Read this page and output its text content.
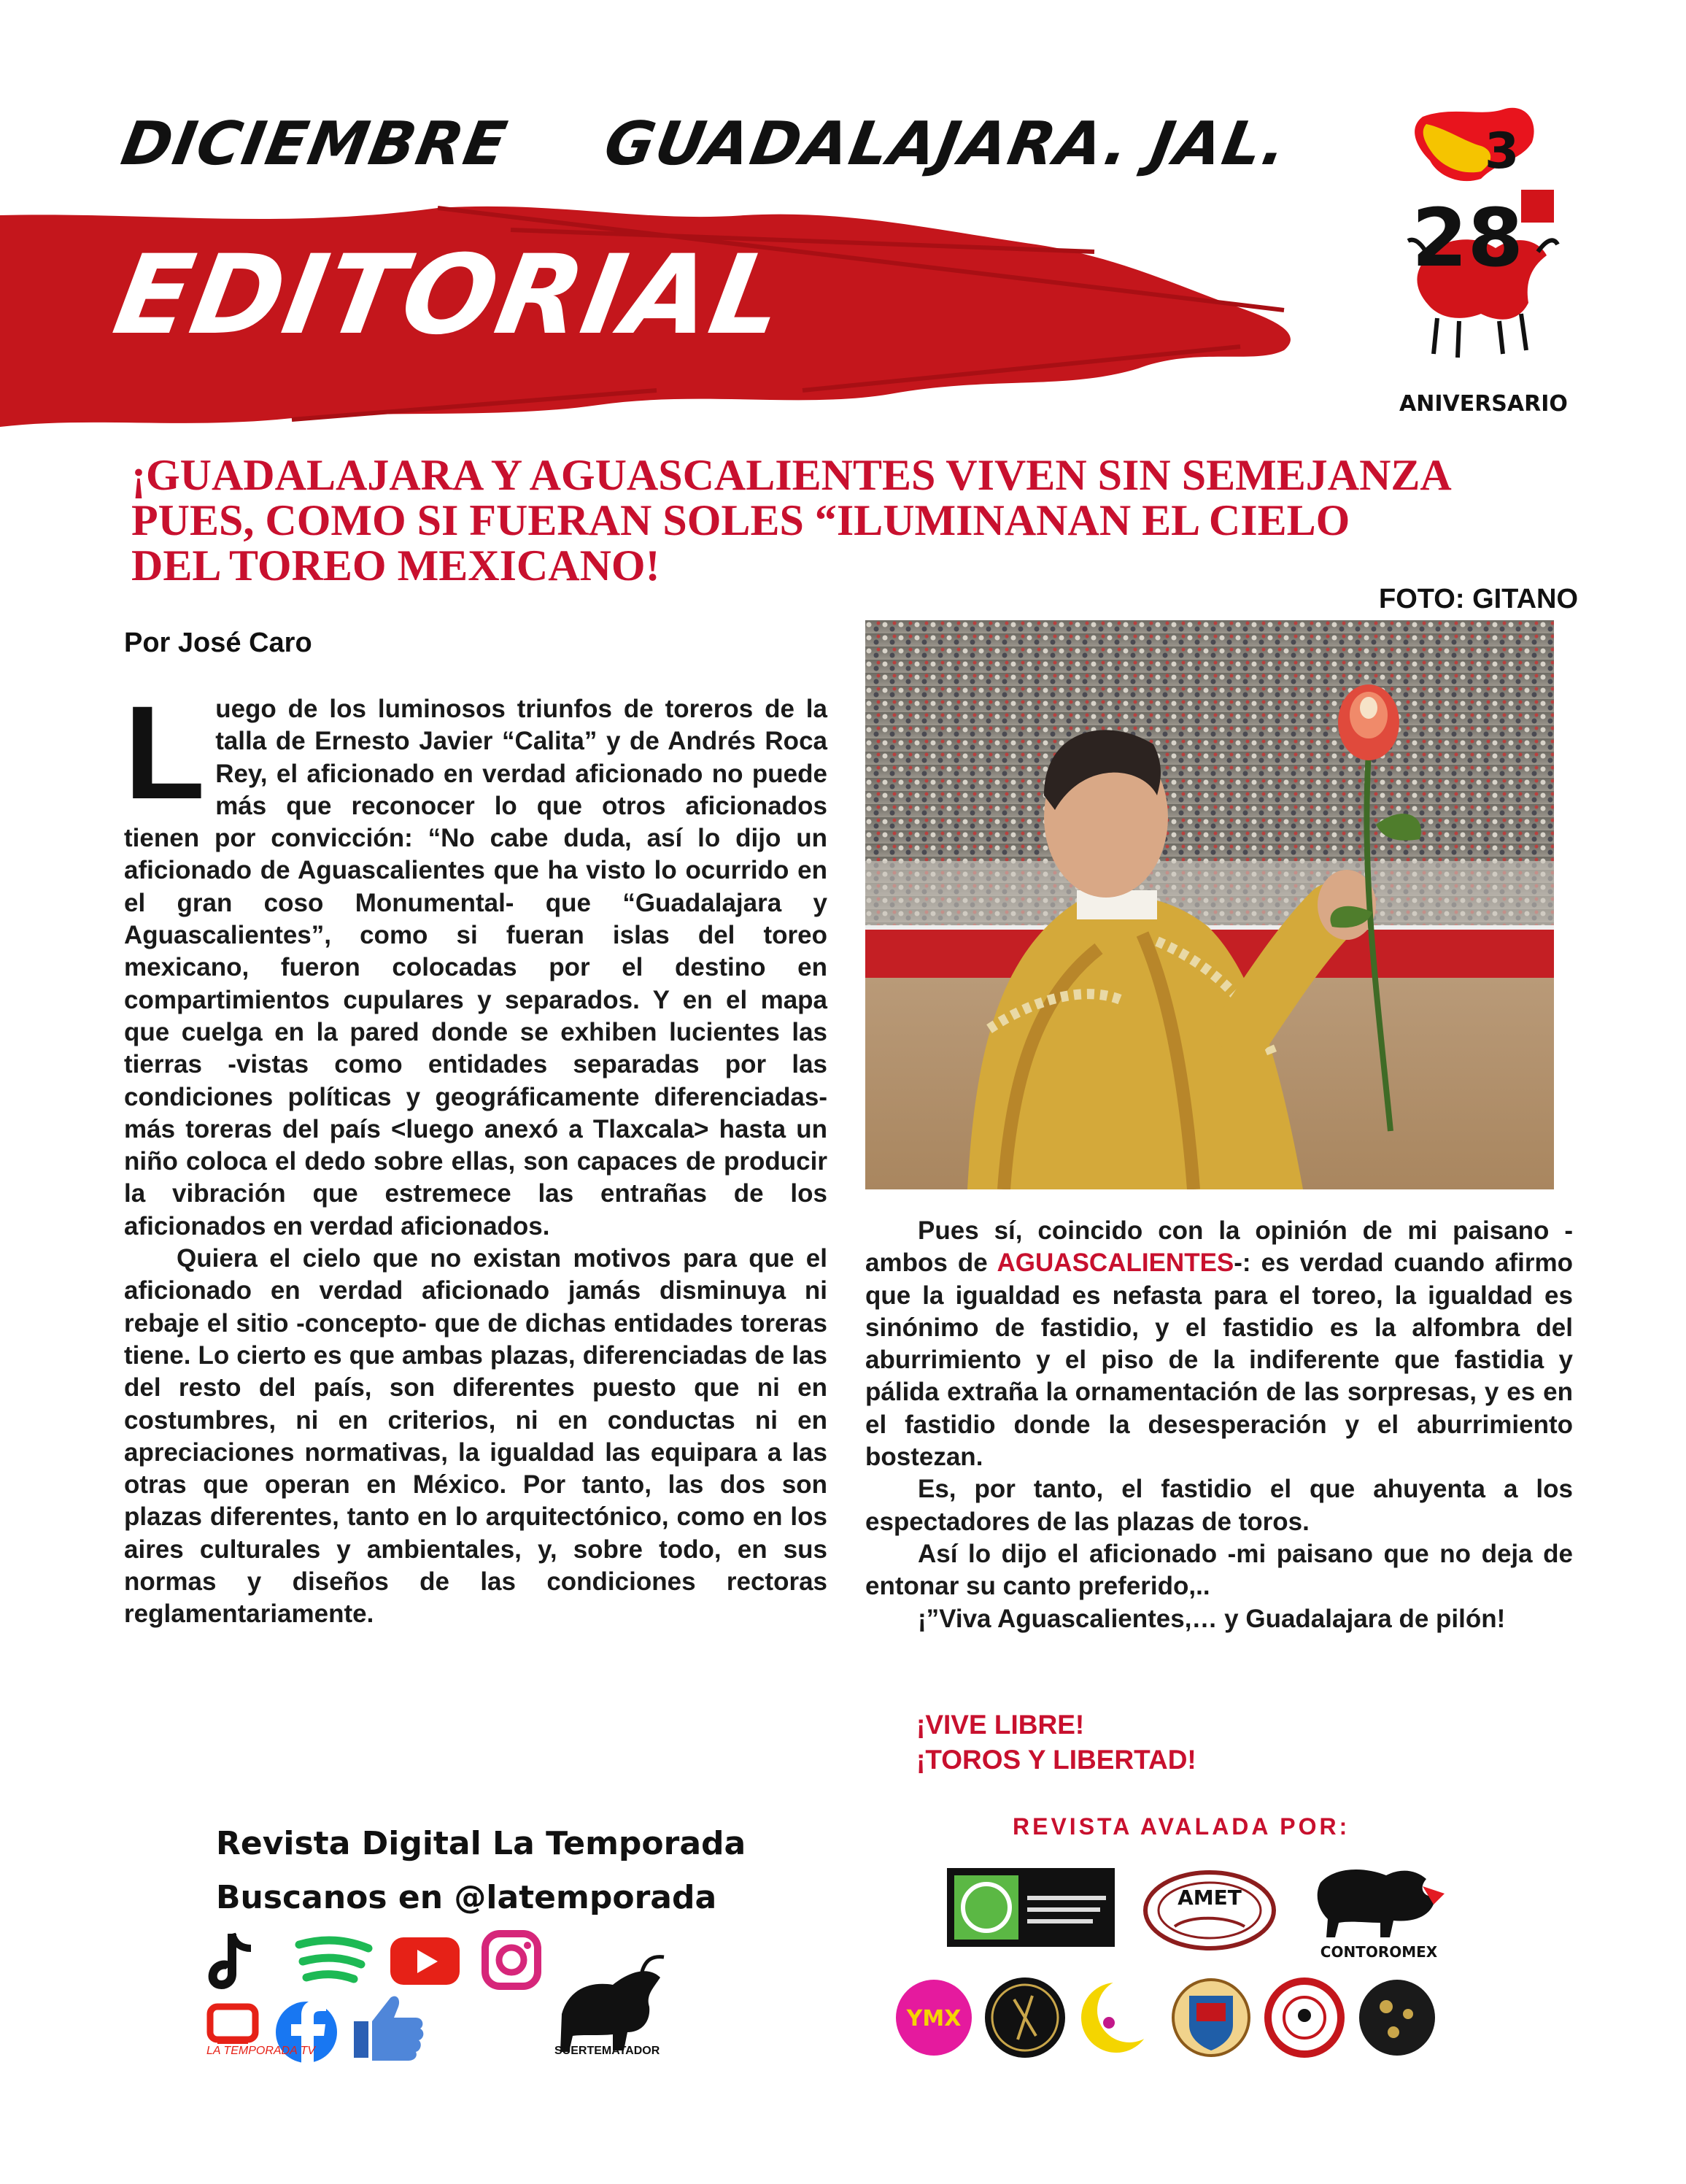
DICIEMBRE GUADALAJARA. JAL.
EDITORIAL
3
28
ANIVERSARIO
¡GUADALAJARA Y AGUASCALIENTES VIVEN SIN SEMEJANZA
PUES, COMO SI FUERAN SOLES “ILUMINANAN EL CIELO
DEL TOREO MEXICANO!
FOTO: GITANO
Por José Caro
L uego de los luminosos triunfos de toreros de la talla de Ernesto Javier “Calita” y de Andrés Roca Rey, el aficionado en verdad aficionado no puede más que reconocer lo que otros aficionados tienen por convicción: “No cabe duda, así lo dijo un aficionado de Aguascalientes que ha visto lo ocurrido en el gran coso Monumental- que “Guadalajara y Aguascalientes”, como si fueran islas del toreo mexicano, fueron colocadas por el destino en compartimientos cupulares y separados. Y en el mapa que cuelga en la pared donde se exhiben lucientes las tierras -vistas como entidades separadas por las condiciones políticas y geográficamente diferenciadas- más toreras del país <luego anexó a Tlaxcala> hasta un niño coloca el dedo sobre ellas, son capaces de producir la vibración que estremece las entrañas de los aficionados en verdad aficionados.

Quiera el cielo que no existan motivos para que el aficionado en verdad aficionado jamás disminuya ni rebaje el sitio -concepto- que de dichas entidades toreras tiene. Lo cierto es que ambas plazas, diferenciadas de las del resto del país, son diferentes puesto que ni en costumbres, ni en criterios, ni en conductas ni en apreciaciones normativas, la igualdad las equipara a las otras que operan en México. Por tanto, las dos son plazas diferentes, tanto en lo arquitectónico, como en los aires culturales y ambientales, y, sobre todo, en sus normas y diseños de las condiciones rectoras reglamentariamente.

Pues sí, coincido con la opinión de mi paisano -ambos de AGUASCALIENTES-: es verdad cuando afirmo que la igualdad es nefasta para el toreo, la igualdad es sinónimo de fastidio, y el fastidio es la alfombra del aburrimiento y el piso de la indiferente que fastidia y pálida extraña la ornamentación de las sorpresas, y es en el fastidio donde la desesperación y el aburrimiento bostezan.

Es, por tanto, el fastidio el que ahuyenta a los espectadores de las plazas de toros.

Así lo dijo el aficionado -mi paisano que no deja de entonar su canto preferido,..

¡”Viva Aguascalientes,… y Guadalajara de pilón!

¡VIVE LIBRE!
¡TOROS Y LIBERTAD!
Revista Digital La Temporada
Buscanos en @latemporada
LA TEMPORADA TV	SUERTEMATADOR
REVISTA AVALADA POR:
AMET
CONTOROMEX
YMX
